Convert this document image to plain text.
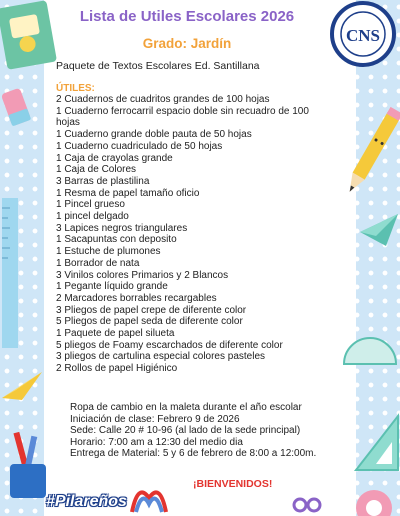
CNS
Lista de Utiles Escolares 2026
Grado: Jardín

Paquete de Textos Escolares Ed. Santillana

ÚTILES:

2 Cuadernos de cuadritos grandes de 100 hojas
1 Cuaderno ferrocarril espacio doble sin recuadro de 100 hojas
1 Cuaderno grande doble pauta de 50 hojas
1 Cuaderno cuadriculado de 50 hojas
1 Caja de crayolas grande
1 Caja de Colores
3 Barras de plastilina
1 Resma de papel tamaño oficio
1 Pincel grueso
1 pincel delgado
3 Lapices negros triangulares
1 Sacapuntas con deposito
1 Estuche de plumones
1 Borrador de nata
3 Vinilos colores Primarios y 2 Blancos
1 Pegante líquido grande
2 Marcadores borrables recargables
3 Pliegos de papel crepe de diferente color
5 Pliegos de papel seda de diferente color
1 Paquete de papel silueta
5 pliegos de Foamy escarchados de diferente color
3 pliegos de cartulina especial colores pasteles
2 Rollos de papel Higiénico

Ropa de cambio en la maleta durante el año escolar

Iniciación de clase: Febrero 9 de 2026

Sede: Calle 20 # 10-96 (al lado de la sede principal)

Horario: 7:00 am a 12:30 del medio dia

Entrega de Material: 5 y 6 de febrero de 8:00 a 12:00m.

¡BIENVENIDOS!
#Pilareños
